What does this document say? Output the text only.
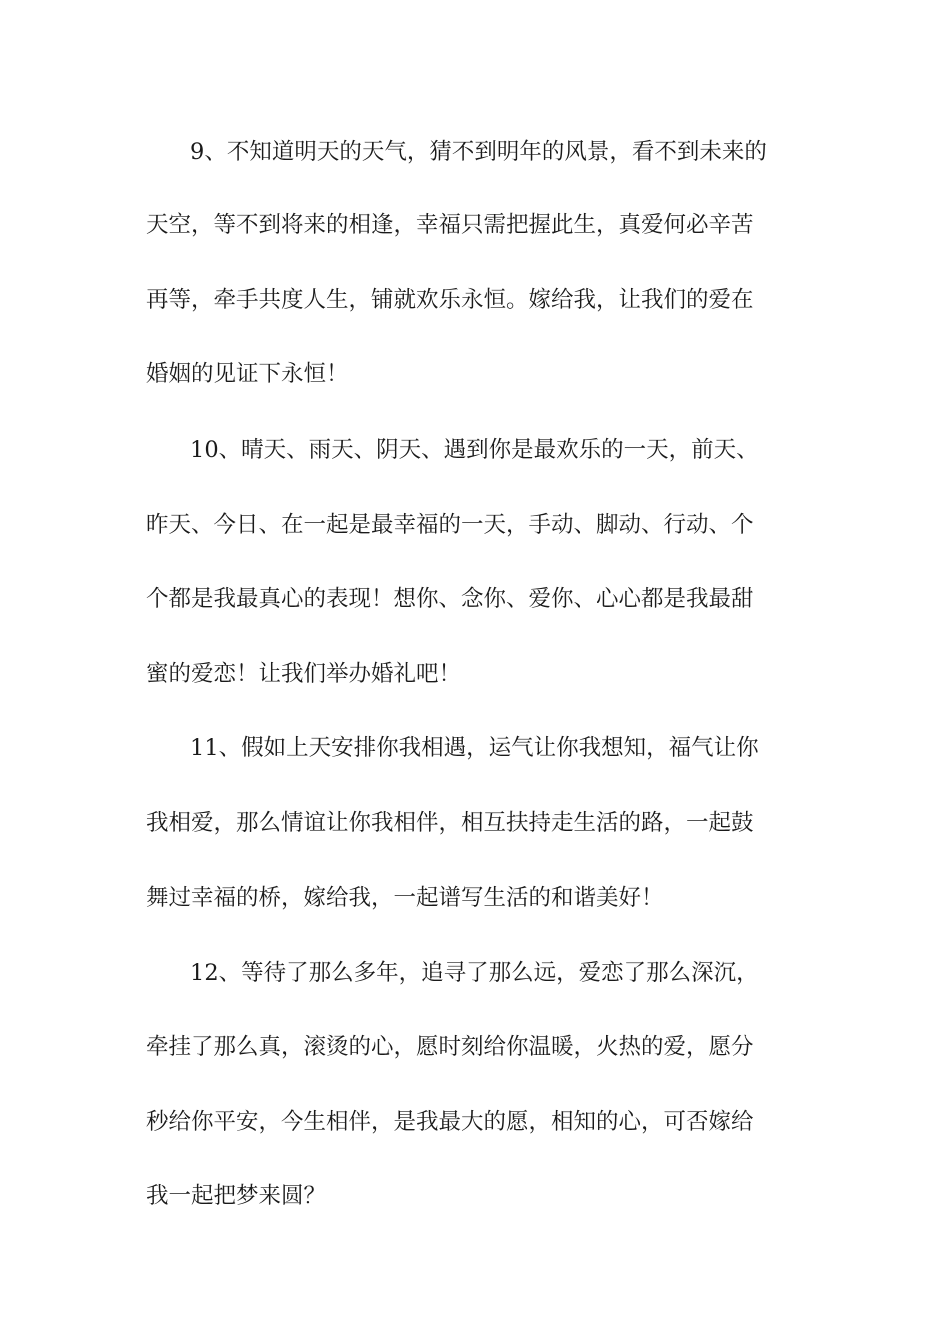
9、不知道明天的天气，猜不到明年的风景，看不到未来的
天空，等不到将来的相逢，幸福只需把握此生，真爱何必辛苦
再等，牵手共度人生，铺就欢乐永恒。嫁给我，让我们的爱在
婚姻的见证下永恒！
10、晴天、雨天、阴天、遇到你是最欢乐的一天，前天、
昨天、今日、在一起是最幸福的一天，手动、脚动、行动、个
个都是我最真心的表现！想你、念你、爱你、心心都是我最甜
蜜的爱恋！让我们举办婚礼吧！
11、假如上天安排你我相遇，运气让你我想知，福气让你
我相爱，那么情谊让你我相伴，相互扶持走生活的路，一起鼓
舞过幸福的桥，嫁给我，一起谱写生活的和谐美好！
12、等待了那么多年，追寻了那么远，爱恋了那么深沉，
牵挂了那么真，滚烫的心，愿时刻给你温暖，火热的爱，愿分
秒给你平安，今生相伴，是我最大的愿，相知的心，可否嫁给
我一起把梦来圆？
